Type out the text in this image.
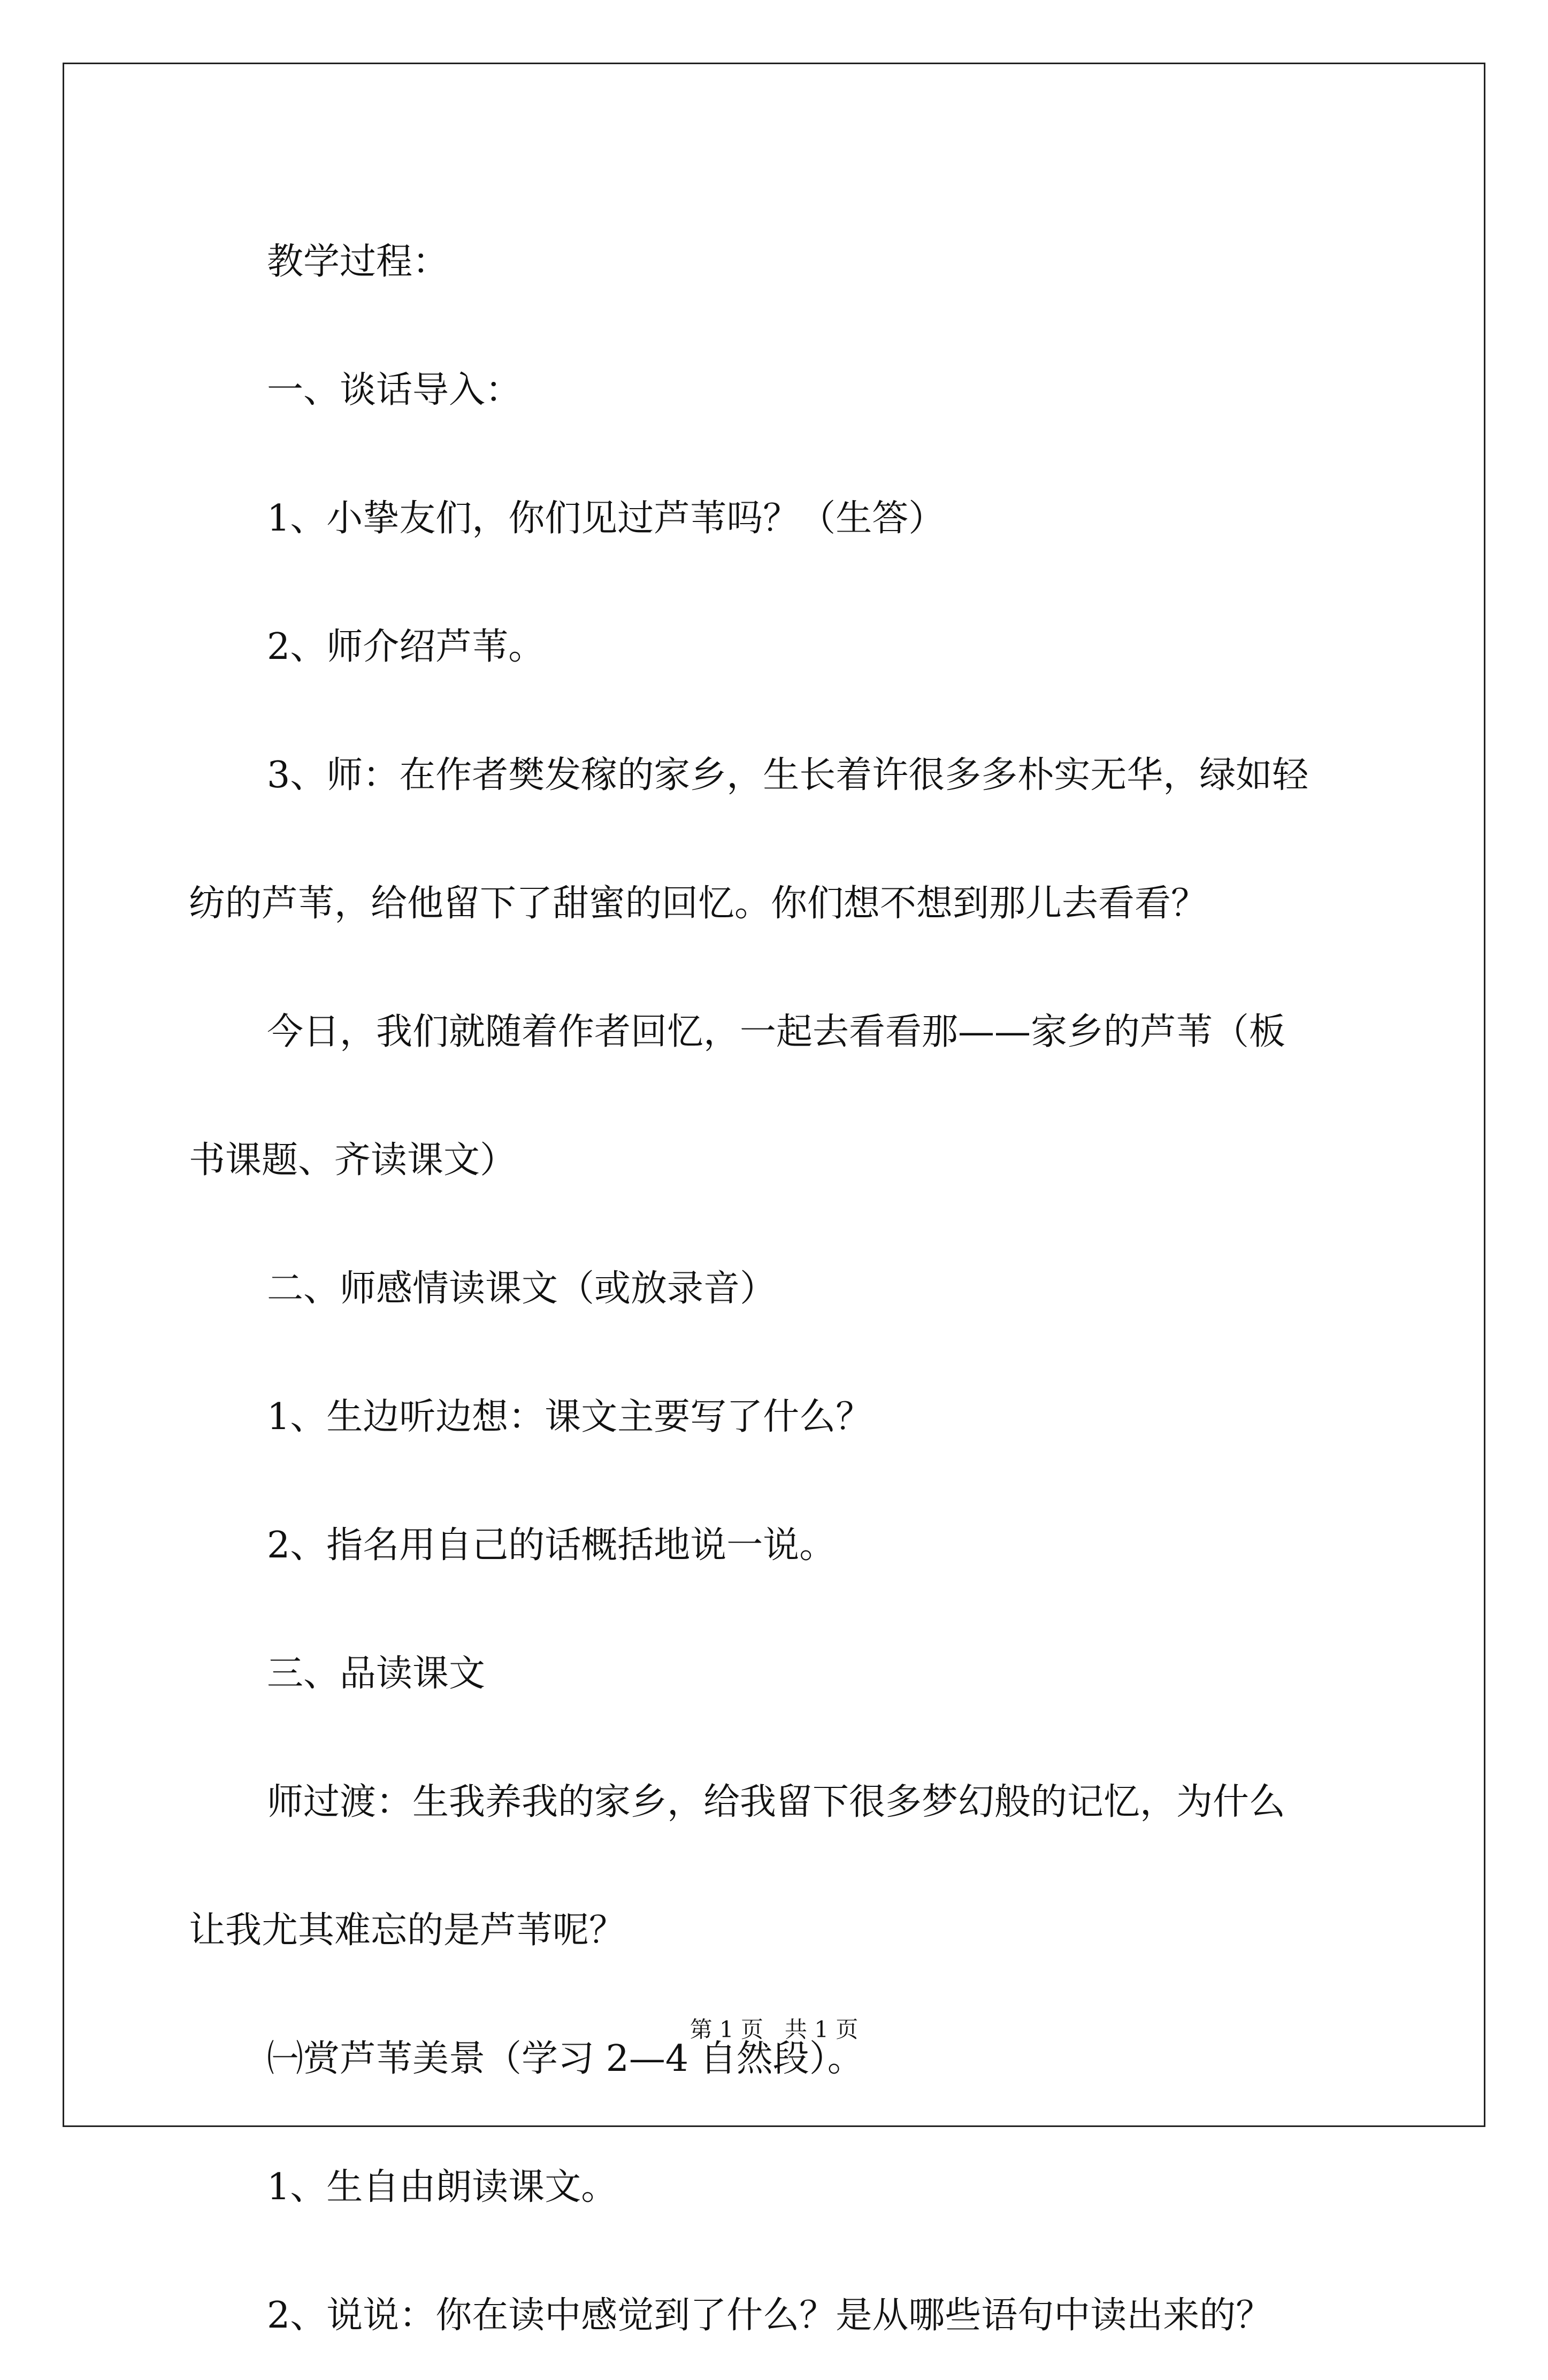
教学过程：

一、谈话导入：

1、小挚友们，你们见过芦苇吗？（生答）

2、师介绍芦苇。

3、师：在作者樊发稼的家乡，生长着许很多多朴实无华，绿如轻

纺的芦苇，给他留下了甜蜜的回忆。你们想不想到那儿去看看？

今日，我们就随着作者回忆，一起去看看那——家乡的芦苇（板

书课题、齐读课文）

二、师感情读课文（或放录音）

1、生边听边想：课文主要写了什么？

2、指名用自己的话概括地说一说。

三、品读课文

师过渡：生我养我的家乡，给我留下很多梦幻般的记忆，为什么

让我尤其难忘的是芦苇呢？

㈠赏芦苇美景（学习 2—4 自然段）。

1、生自由朗读课文。

2、说说：你在读中感觉到了什么？是从哪些语句中读出来的？

第 1 页 共 1 页
